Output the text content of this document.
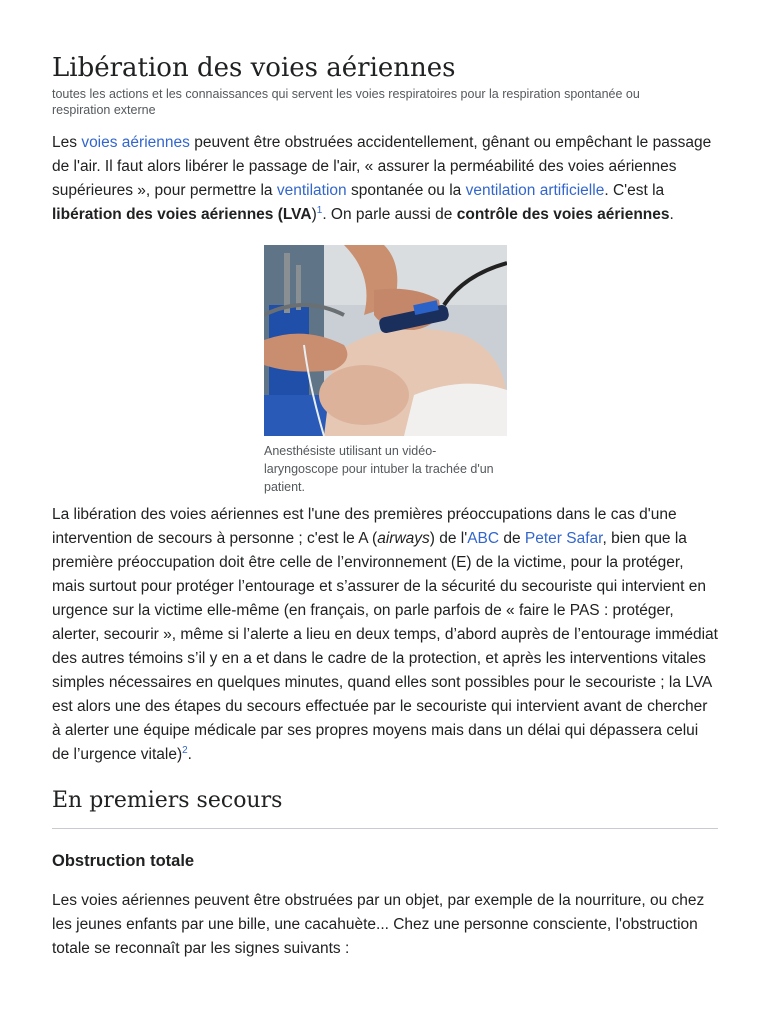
Libération des voies aériennes

toutes les actions et les connaissances qui servent les voies respiratoires pour la respiration spontanée ou respiration externe

Les voies aériennes peuvent être obstruées accidentellement, gênant ou empêchant le passage de l'air. Il faut alors libérer le passage de l'air, « assurer la perméabilité des voies aériennes supérieures », pour permettre la ventilation spontanée ou la ventilation artificielle. C'est la libération des voies aériennes (LVA)$^1$. On parle aussi de contrôle des voies aériennes.

Anesthésiste utilisant un vidéo-laryngoscope pour intuber la trachée d'un patient.

La libération des voies aériennes est l'une des premières préoccupations dans le cas d'une intervention de secours à personne ; c'est le A (airways) de l'ABC de Peter Safar, bien que la première préoccupation doit être celle de l’environnement (E) de la victime, pour la protéger, mais surtout pour protéger l’entourage et s’assurer de la sécurité du secouriste qui intervient en urgence sur la victime elle-même (en français, on parle parfois de « faire le PAS : protéger, alerter, secourir », même si l’alerte a lieu en deux temps, d’abord auprès de l’entourage immédiat des autres témoins s’il y en a et dans le cadre de la protection, et après les interventions vitales simples nécessaires en quelques minutes, quand elles sont possibles pour le secouriste ; la LVA est alors une des étapes du secours effectuée par le secouriste qui intervient avant de chercher à alerter une équipe médicale par ses propres moyens mais dans un délai qui dépassera celui de l’urgence vitale)$^2$.

En premiers secours
Obstruction totale

Les voies aériennes peuvent être obstruées par un objet, par exemple de la nourriture, ou chez les jeunes enfants par une bille, une cacahuète... Chez une personne consciente, l'obstruction totale se reconnaît par les signes suivants :
